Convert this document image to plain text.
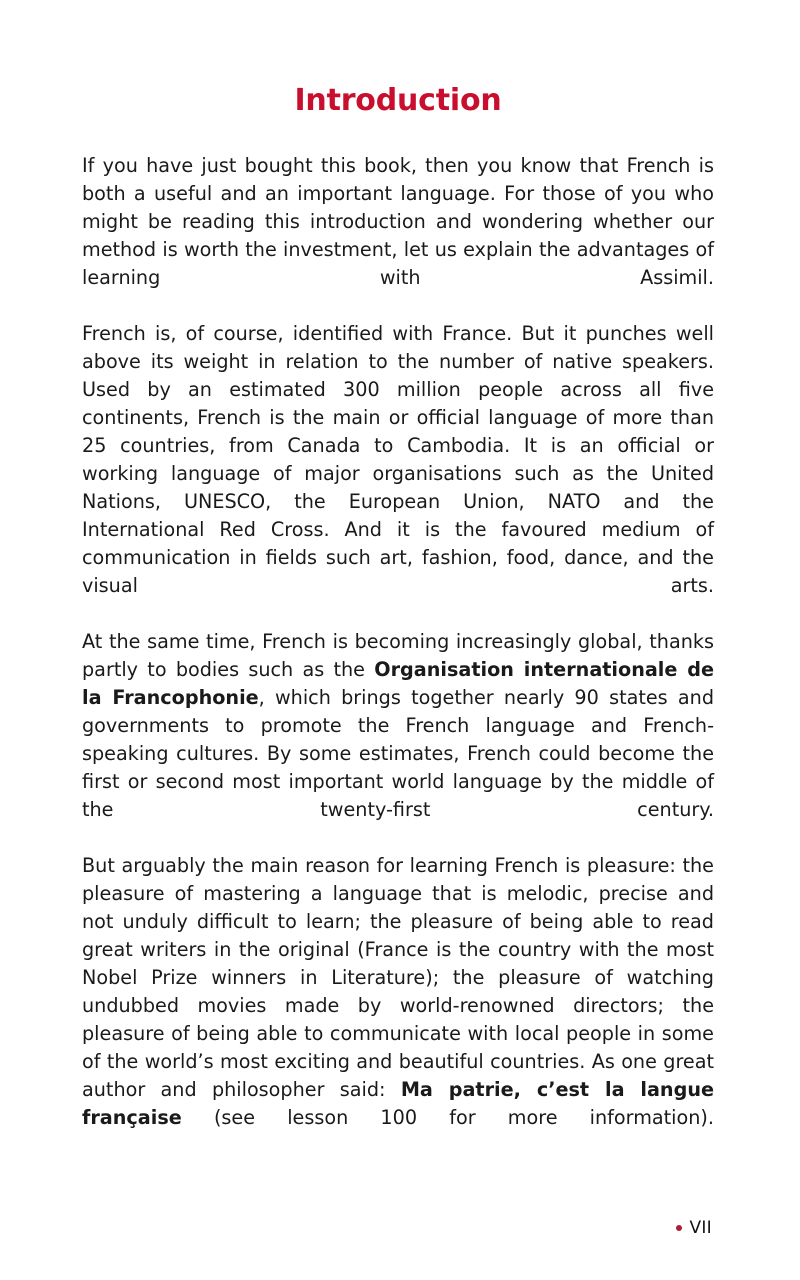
Introduction

If you have just bought this book, then you know that French is both a useful and an important language. For those of you who might be reading this introduction and wondering whether our method is worth the investment, let us explain the advantages of learning with Assimil.

French is, of course, identified with France. But it punches well above its weight in relation to the number of native speakers. Used by an estimated 300 million people across all five continents, French is the main or official language of more than 25 countries, from Canada to Cambodia. It is an official or working language of major organisations such as the United Nations, UNESCO, the European Union, NATO and the International Red Cross. And it is the favoured medium of communication in fields such art, fashion, food, dance, and the visual arts.

At the same time, French is becoming increasingly global, thanks partly to bodies such as the Organisation internationale de la Francophonie, which brings together nearly 90 states and governments to promote the French language and French-speaking cultures. By some estimates, French could become the first or second most important world language by the middle of the twenty-first century.

But arguably the main reason for learning French is pleasure: the pleasure of mastering a language that is melodic, precise and not unduly difficult to learn; the pleasure of being able to read great writers in the original (France is the country with the most Nobel Prize winners in Literature); the pleasure of watching undubbed movies made by world-renowned directors; the pleasure of being able to communicate with local people in some of the world’s most exciting and beautiful countries. As one great author and philosopher said: Ma patrie, c’est la langue française (see lesson 100 for more information).

VII
